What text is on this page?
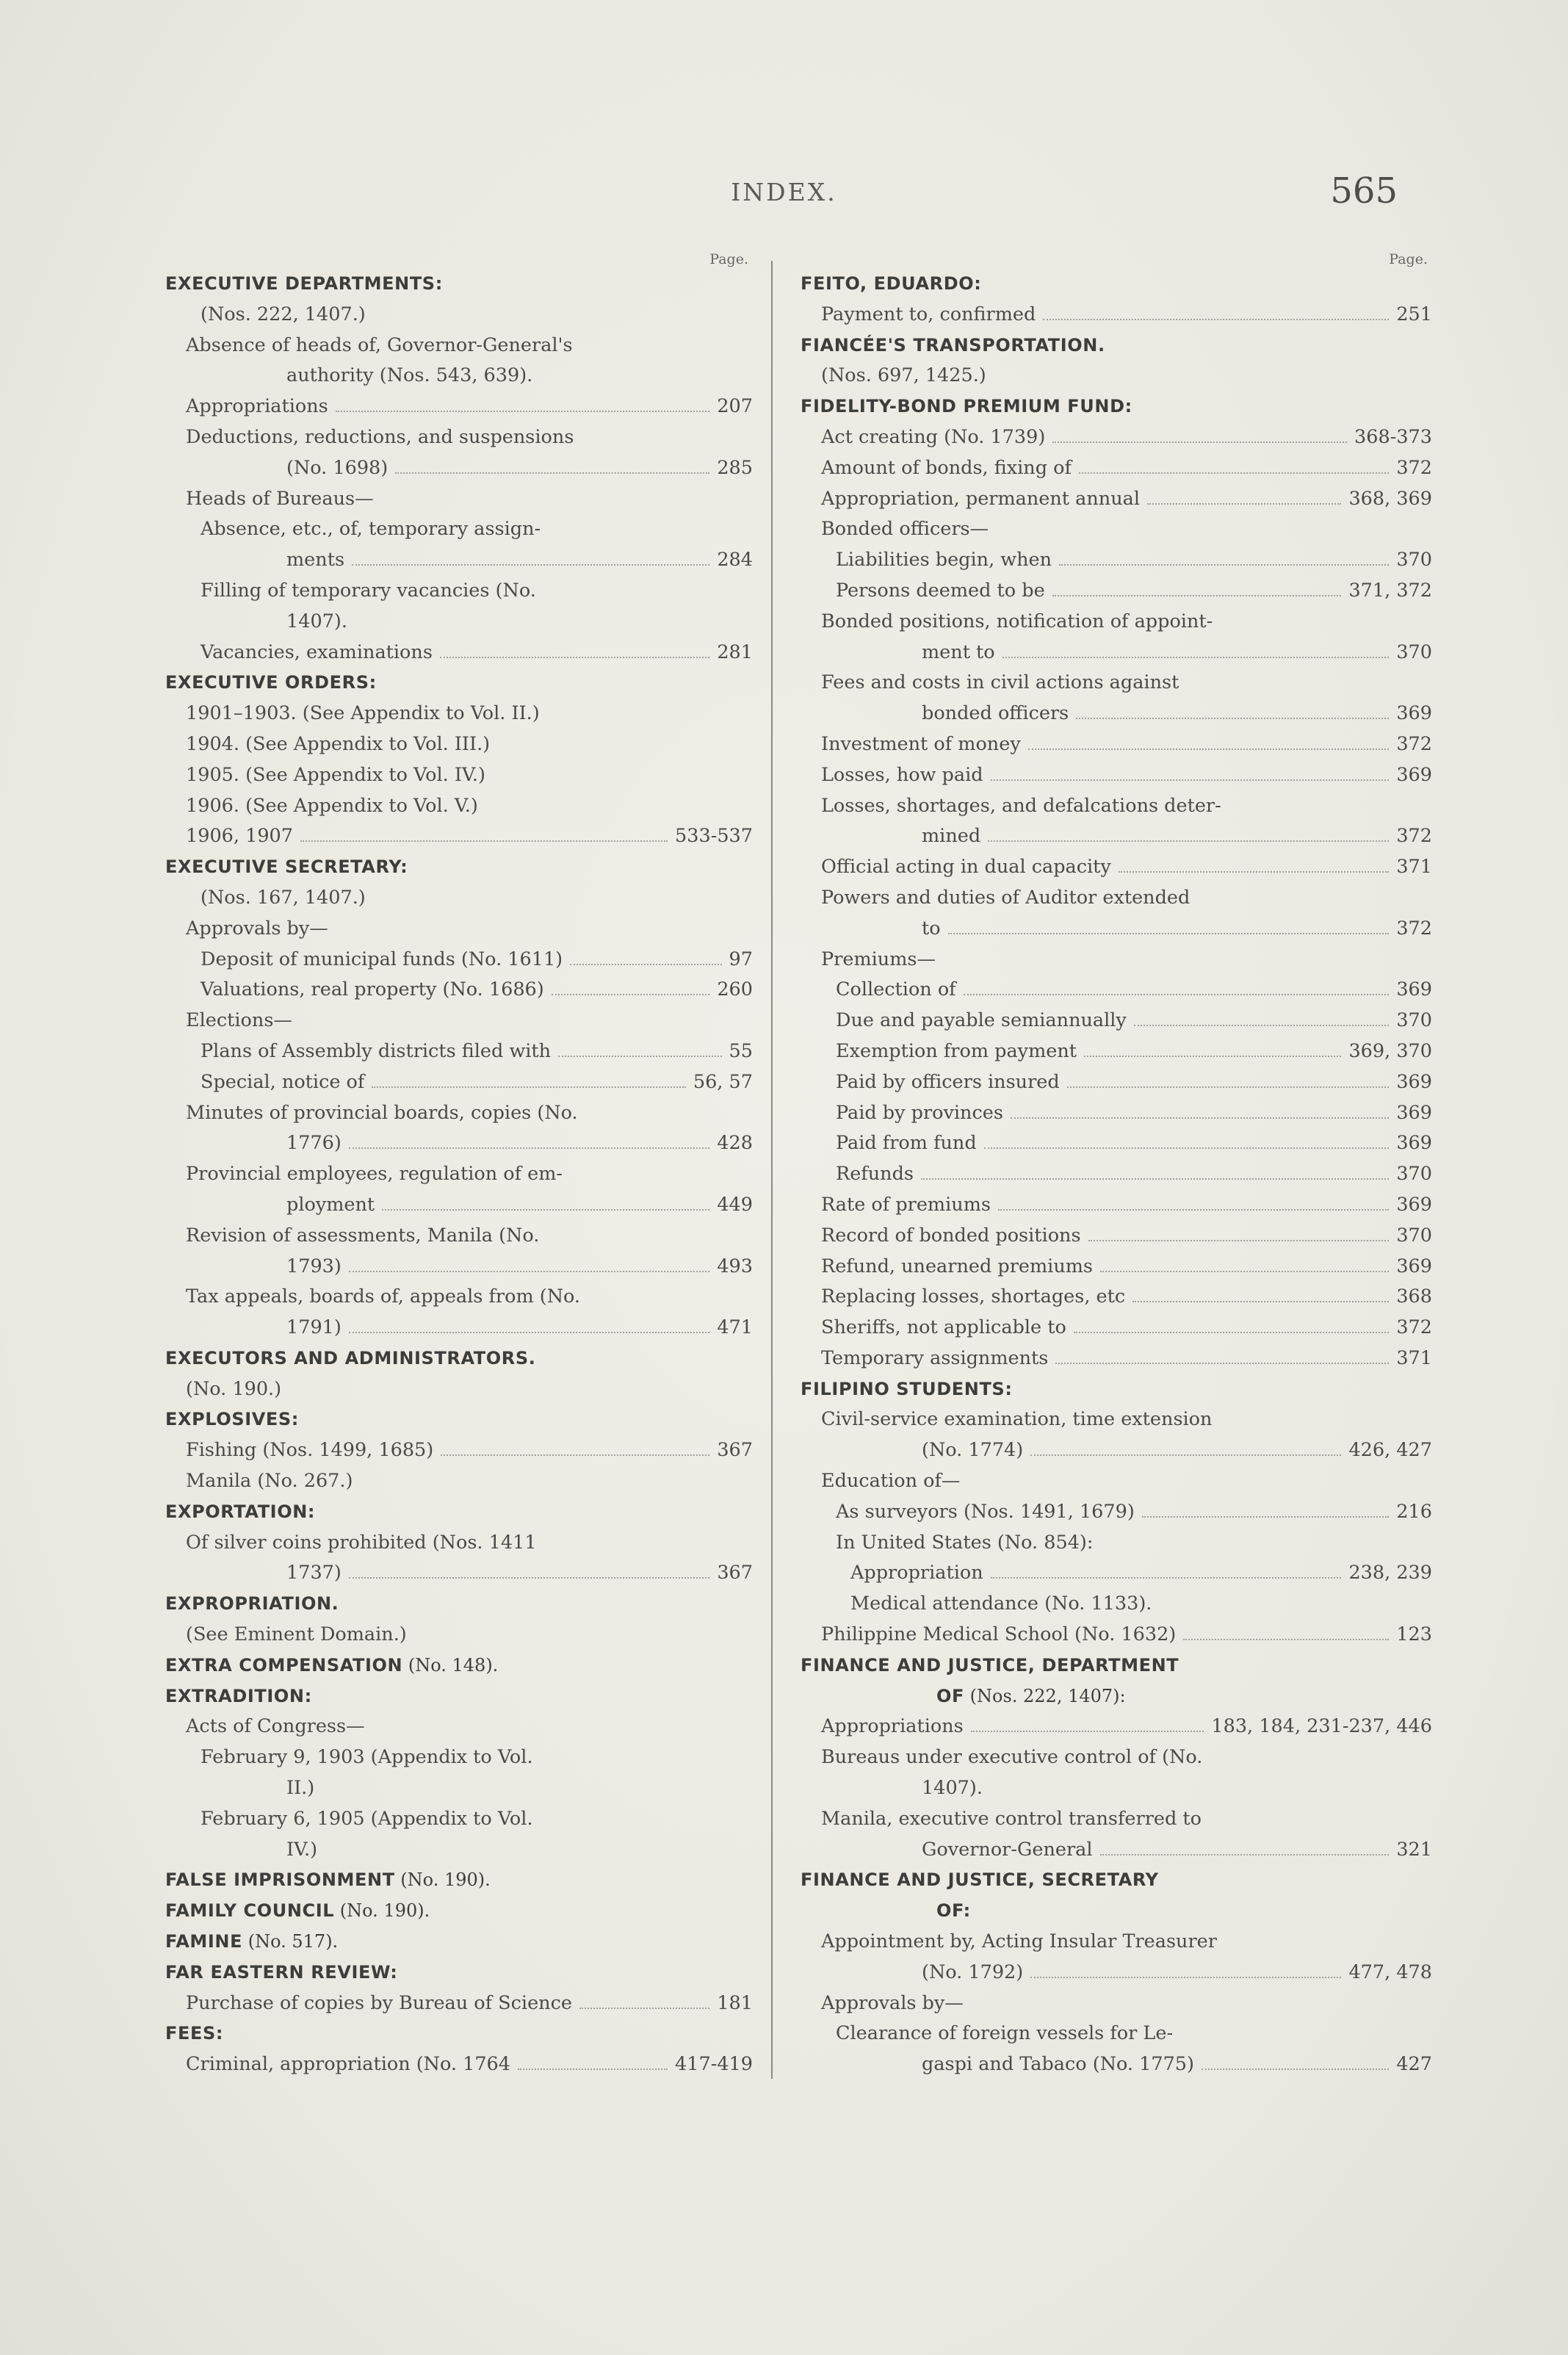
INDEX.	565
Page.
EXECUTIVE DEPARTMENTS:
(Nos. 222, 1407.)
Absence of heads of, Governor-General's
authority (Nos. 543, 639).
Appropriations	207
Deductions, reductions, and suspensions
(No. 1698)	285
Heads of Bureaus—
Absence, etc., of, temporary assign-
ments	284
Filling of temporary vacancies (No.
1407).
Vacancies, examinations	281
EXECUTIVE ORDERS:
1901–1903. (See Appendix to Vol. II.)
1904. (See Appendix to Vol. III.)
1905. (See Appendix to Vol. IV.)
1906. (See Appendix to Vol. V.)
1906, 1907	533-537
EXECUTIVE SECRETARY:
(Nos. 167, 1407.)
Approvals by—
Deposit of municipal funds (No. 1611)	97
Valuations, real property (No. 1686)	260
Elections—
Plans of Assembly districts filed with	55
Special, notice of	56, 57
Minutes of provincial boards, copies (No.
1776)	428
Provincial employees, regulation of em-
ployment	449
Revision of assessments, Manila (No.
1793)	493
Tax appeals, boards of, appeals from (No.
1791)	471
EXECUTORS AND ADMINISTRATORS.
(No. 190.)
EXPLOSIVES:
Fishing (Nos. 1499, 1685)	367
Manila (No. 267.)
EXPORTATION:
Of silver coins prohibited (Nos. 1411
1737)	367
EXPROPRIATION.
(See Eminent Domain.)
EXTRA COMPENSATION (No. 148).
EXTRADITION:
Acts of Congress—
February 9, 1903 (Appendix to Vol.
II.)
February 6, 1905 (Appendix to Vol.
IV.)
FALSE IMPRISONMENT (No. 190).
FAMILY COUNCIL (No. 190).
FAMINE (No. 517).
FAR EASTERN REVIEW:
Purchase of copies by Bureau of Science	181
FEES:
Criminal, appropriation (No. 1764	417-419
Page.
FEITO, EDUARDO:
Payment to, confirmed	251
FIANCÉE'S TRANSPORTATION.
(Nos. 697, 1425.)
FIDELITY-BOND PREMIUM FUND:
Act creating (No. 1739)	368-373
Amount of bonds, fixing of	372
Appropriation, permanent annual	368, 369
Bonded officers—
Liabilities begin, when	370
Persons deemed to be	371, 372
Bonded positions, notification of appoint-
ment to	370
Fees and costs in civil actions against
bonded officers	369
Investment of money	372
Losses, how paid	369
Losses, shortages, and defalcations deter-
mined	372
Official acting in dual capacity	371
Powers and duties of Auditor extended
to	372
Premiums—
Collection of	369
Due and payable semiannually	370
Exemption from payment	369, 370
Paid by officers insured	369
Paid by provinces	369
Paid from fund	369
Refunds	370
Rate of premiums	369
Record of bonded positions	370
Refund, unearned premiums	369
Replacing losses, shortages, etc	368
Sheriffs, not applicable to	372
Temporary assignments	371
FILIPINO STUDENTS:
Civil-service examination, time extension
(No. 1774)	426, 427
Education of—
As surveyors (Nos. 1491, 1679)	216
In United States (No. 854):
Appropriation	238, 239
Medical attendance (No. 1133).
Philippine Medical School (No. 1632)	123
FINANCE AND JUSTICE, DEPARTMENT
OF (Nos. 222, 1407):
Appropriations	183, 184, 231-237, 446
Bureaus under executive control of (No.
1407).
Manila, executive control transferred to
Governor-General	321
FINANCE AND JUSTICE, SECRETARY
OF:
Appointment by, Acting Insular Treasurer
(No. 1792)	477, 478
Approvals by—
Clearance of foreign vessels for Le-
gaspi and Tabaco (No. 1775)	427
